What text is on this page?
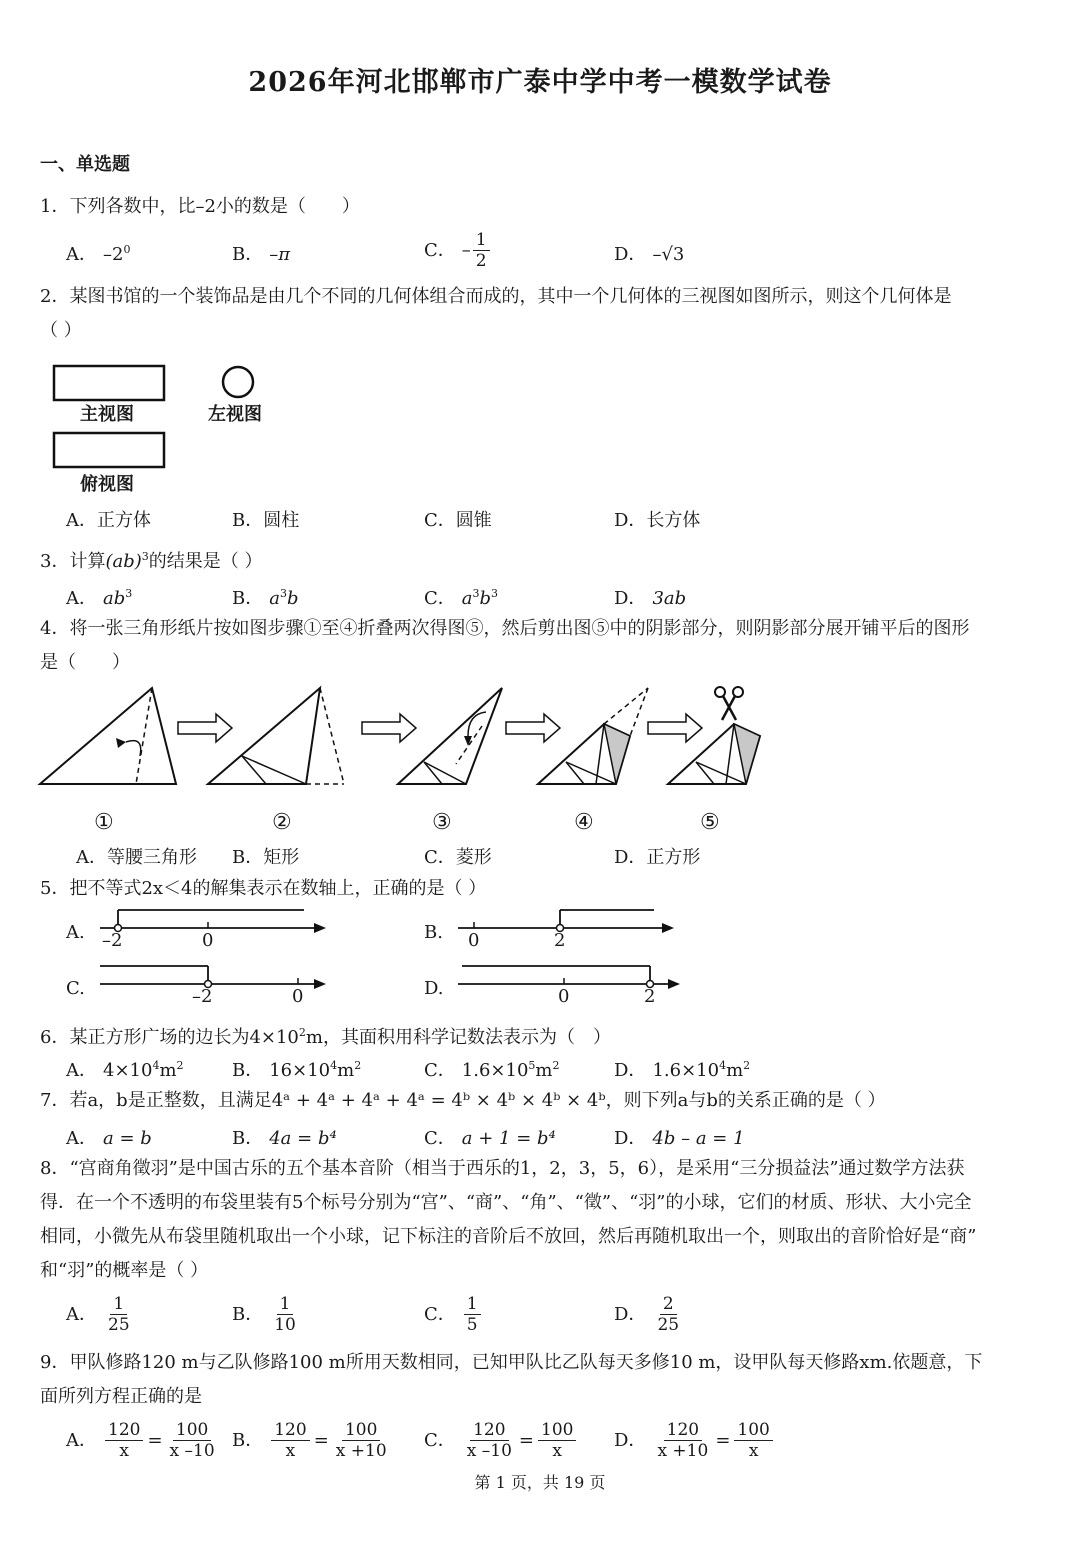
2026年河北邯郸市广泰中学中考一模数学试卷
一、单选题
1．下列各数中，比–2小的数是（　　）
A． $-2^0$	B． –π	C． – $\frac{1}{2}$	D． –√3
2．某图书馆的一个装饰品是由几个不同的几何体组合而成的，其中一个几何体的三视图如图所示，则这个几何体是
（ ）
主视图	左视图
俯视图
A．正方体	B．圆柱	C．圆锥	D．长方体
3．计算(ab)$^3$的结果是（ ）
A． $ab^3$	B． $a^3b$	C． $a^3b^3$	D． 3ab
4．将一张三角形纸片按如图步骤①至④折叠两次得图⑤，然后剪出图⑤中的阴影部分，则阴影部分展开铺平后的图形
是（　　）
①	②	③	④	⑤
A．等腰三角形 B．矩形	C．菱形	D．正方形
5．把不等式2x＜4的解集表示在数轴上，正确的是（ ）
A. –2	0	B. 0	2
C.	–2	0	D.	0	2
6．某正方形广场的边长为$4\times 10^2m$，其面积用科学记数法表示为（　）
A． $4\times 10^4m^2$	B． $16\times 10^4m^2$	C． $1.6\times 10^5m^2$	D． $1.6\times 10^4m^2$
7．若a，b是正整数，且满足4ᵃ + 4ᵃ + 4ᵃ + 4ᵃ = 4ᵇ × 4ᵇ × 4ᵇ × 4ᵇ，则下列a与b的关系正确的是（ ）
A． a = b	B． 4a = b⁴	C． a + 1 = b⁴	D． 4b – a = 1
8．“宫商角徵羽”是中国古乐的五个基本音阶（相当于西乐的1，2，3，5，6），是采用“三分损益法”通过数学方法获
得．在一个不透明的布袋里装有5个标号分别为“宫”、“商”、“角”、“徵”、“羽”的小球，它们的材质、形状、大小完全
相同，小微先从布袋里随机取出一个小球，记下标注的音阶后不放回，然后再随机取出一个，则取出的音阶恰好是“商”
和“羽”的概率是（ ）
A． $\frac{1}{25}$	B． $\frac{1}{10}$	C． $\frac{1}{5}$	D． $\frac{2}{25}$
9．甲队修路120 m与乙队修路100 m所用天数相同，已知甲队比乙队每天多修10 m，设甲队每天修路xm.依题意，下
面所列方程正确的是
A． $\frac{120}{x} = \frac{100}{x -10}$ B． $\frac{120}{x} = \frac{100}{x +10}$ C． $\frac{120}{x -10} = \frac{100}{x}$ D． $\frac{120}{x +10} = \frac{100}{x}$
第 1 页，共 19 页
